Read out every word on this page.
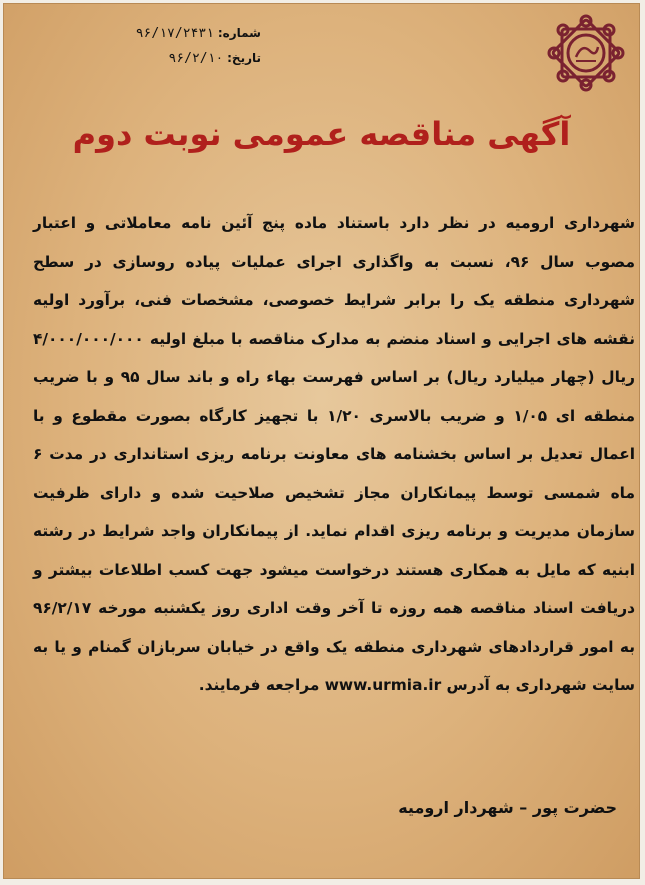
شماره: ۹۶/۱۷/۲۴۳۱
تاریخ: ۹۶/۲/۱۰
آگهی مناقصه عمومی نوبت دوم
شهرداری ارومیه در نظر دارد باستناد ماده پنج آئین نامه معاملاتی و اعتبار مصوب سال ۹۶، نسبت به واگذاری اجرای عملیات پیاده روسازی در سطح شهرداری منطقه یک را برابر شرایط خصوصی، مشخصات فنی، برآورد اولیه نقشه های اجرایی و اسناد منضم به مدارک مناقصه با مبلغ اولیه ۴/۰۰۰/۰۰۰/۰۰۰ ریال (چهار میلیارد ریال) بر اساس فهرست بهاء راه و باند سال ۹۵ و با ضریب منطقه ای ۱/۰۵ و ضریب بالاسری ۱/۲۰ با تجهیز کارگاه بصورت مقطوع و با اعمال تعدیل بر اساس بخشنامه های معاونت برنامه ریزی استانداری در مدت ۶ ماه شمسی توسط پیمانکاران مجاز تشخیص صلاحیت شده و دارای ظرفیت سازمان مدیریت و برنامه ریزی اقدام نماید. از پیمانکاران واجد شرایط در رشته ابنیه که مایل به همکاری هستند درخواست میشود جهت کسب اطلاعات بیشتر و دریافت اسناد مناقصه همه روزه تا آخر وقت اداری روز یکشنبه مورخه ۹۶/۲/۱۷ به امور قراردادهای شهرداری منطقه یک واقع در خیابان سربازان گمنام و یا به سایت شهرداری به آدرس www.urmia.ir مراجعه فرمایند.
حضرت پور – شهردار ارومیه
